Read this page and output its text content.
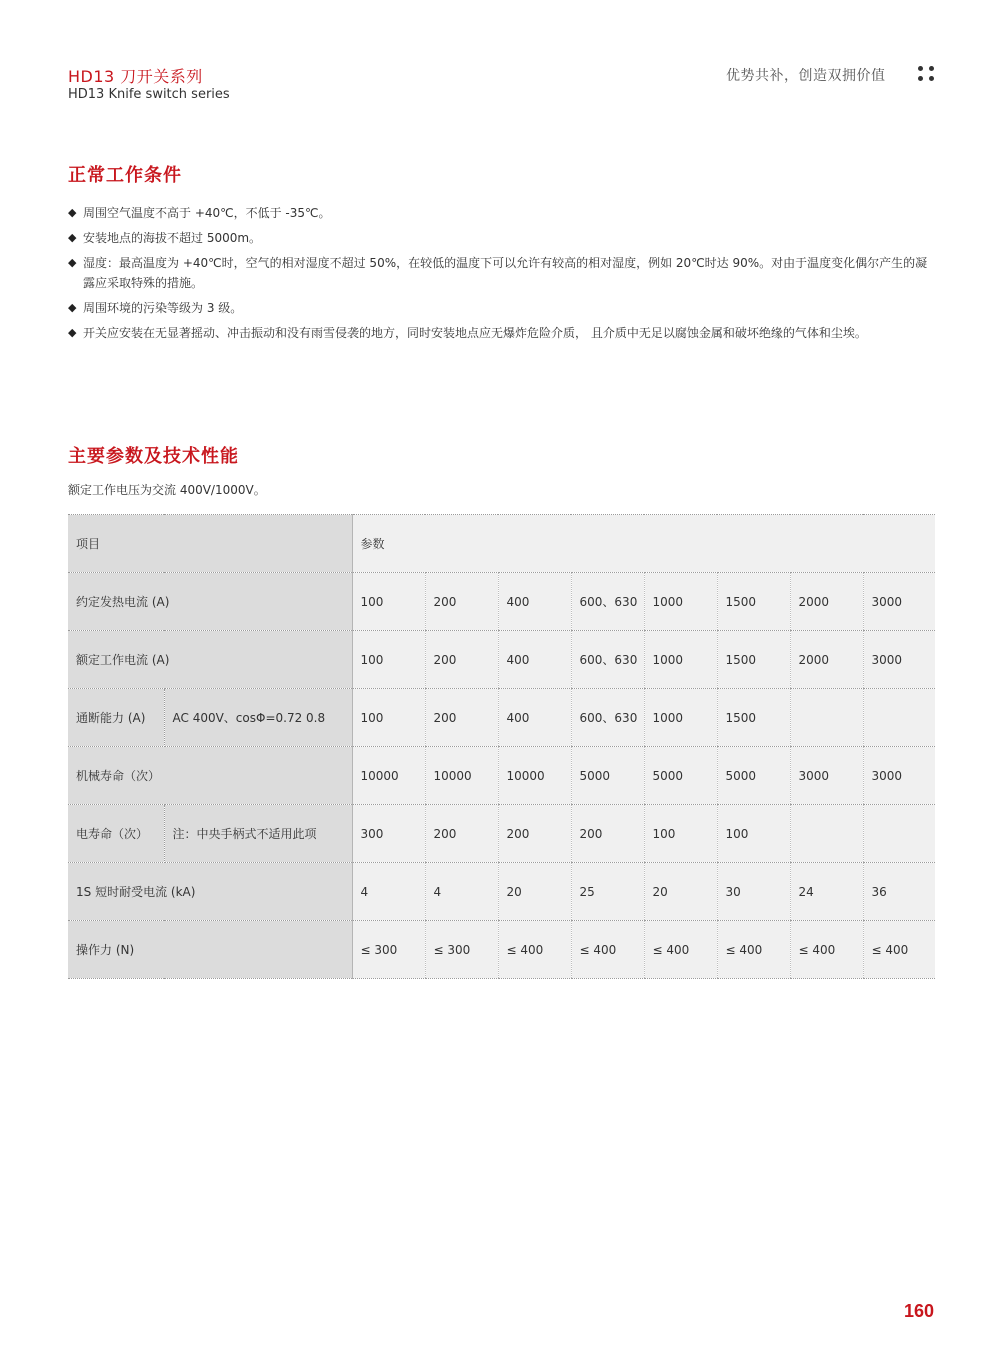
HD13 刀开关系列
HD13 Knife switch series
优势共补，创造双拥价值
正常工作条件
◆ 周围空气温度不高于 +40℃，不低于 -35℃。
◆ 安装地点的海拔不超过 5000m。
◆ 湿度：最高温度为 +40℃时，空气的相对湿度不超过 50%，在较低的温度下可以允许有较高的相对湿度，例如 20℃时达 90%。对由于温度变化偶尔产生的凝露应采取特殊的措施。
◆ 周围环境的污染等级为 3 级。
◆ 开关应安装在无显著摇动、冲击振动和没有雨雪侵袭的地方，同时安装地点应无爆炸危险介质， 且介质中无足以腐蚀金属和破坏绝缘的气体和尘埃。
主要参数及技术性能
额定工作电压为交流 400V/1000V。
项目		参数							
约定发热电流 (A)		100	200	400	600、630	1000	1500	2000	3000
额定工作电流 (A)		100	200	400	600、630	1000	1500	2000	3000
通断能力 (A)	AC 400V、cosΦ=0.72 0.8	100	200	400	600、630	1000	1500		
机械寿命（次）		10000	10000	10000	5000	5000	5000	3000	3000
电寿命（次）	注：中央手柄式不适用此项	300	200	200	200	100	100		
1S 短时耐受电流 (kA)		4	4	20	25	20	30	24	36
操作力 (N)		≤ 300	≤ 300	≤ 400	≤ 400	≤ 400	≤ 400	≤ 400	≤ 400
160
